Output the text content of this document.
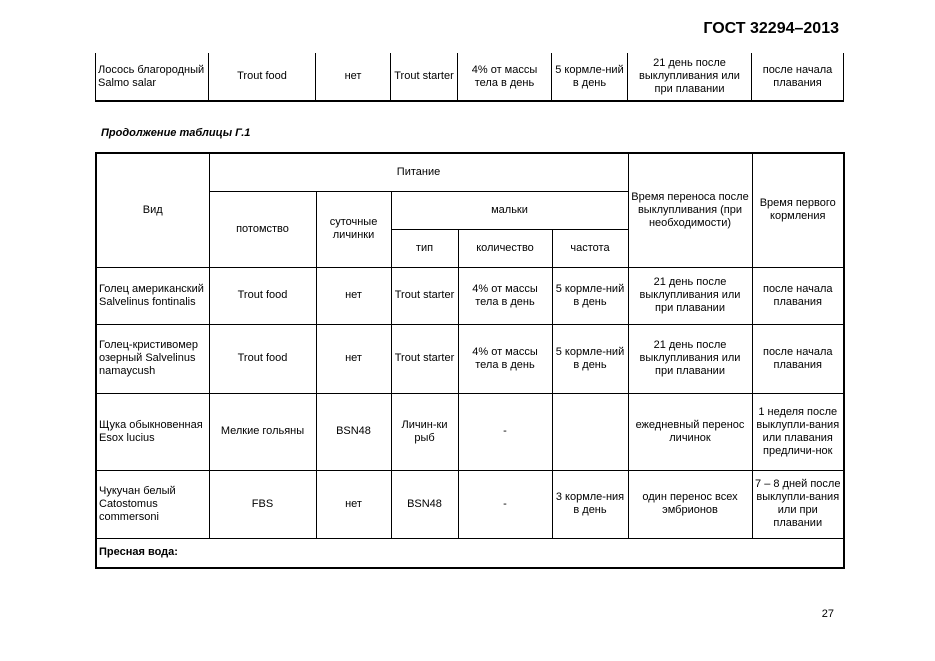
ГОСТ 32294–2013
Лосось благородный Salmo salar	Trout food	нет	Trout starter	4% от массы тела в день	5 кормле-ний в день	21 день после выклупливания или при плавании	после начала плавания
Продолжение таблицы Г.1
Вид	Питание					Время переноса после выклупливания (при необходимости)	Время первого кормления
	потомство	суточные личинки	мальки				
			тип	количество	частота		
Голец американский Salvelinus fontinalis	Trout food	нет	Trout starter	4% от массы тела в день	5 кормле-ний в день	21 день после выклупливания или при плавании	после начала плавания
Голец-кристивомер озерный Salvelinus namaycush	Trout food	нет	Trout starter	4% от массы тела в день	5 кормле-ний в день	21 день после выклупливания или при плавании	после начала плавания
Щука обыкновенная Esox lucius	Мелкие гольяны	BSN48	Личин-ки рыб	-		ежедневный перенос личинок	1 неделя после выклупли-вания или плавания предличи-нок
Чукучан белый Catostomus commersoni	FBS	нет	BSN48	-	3 кормле-ния в день	один перенос всех эмбрионов	7 – 8 дней после выклупли-вания или при плавании
Пресная вода:							
27
